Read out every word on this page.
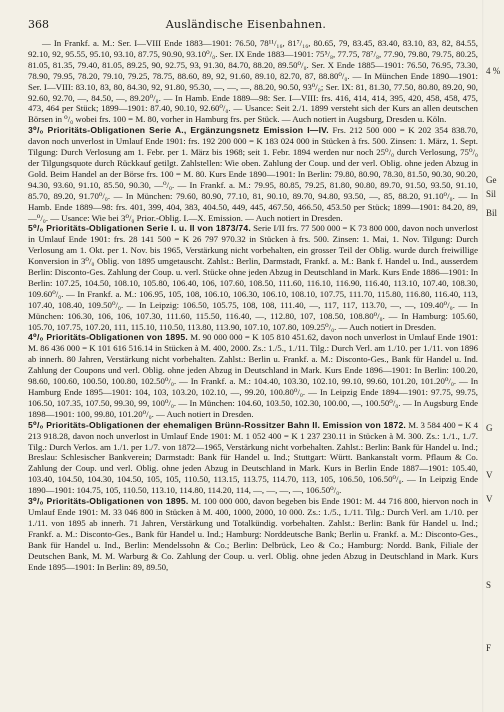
368	Ausländische Eisenbahnen.

— In Frankf. a. M.: Ser. I—VIII Ende 1883—1901: 76.50, 78¹¹/₁₆, 81⁷/₁₆, 80.65, 79, 83.45, 83.40, 83.10, 83, 82, 84.55, 92.10, 92, 95.55, 95.10, 93.10, 87.75, 90.90, 93.10⁰/₀. Ser. IX Ende 1883—1901: 75⁵/₈, 77.75, 78⁷/₈, 77.90, 79.80, 79.75, 80.25, 81.05, 81.35, 79.40, 81.05, 89.25, 90, 92.75, 93, 91.30, 84.70, 88.20, 89.50⁰/₀. Ser. X Ende 1885—1901: 76.50, 76.95, 73.30, 78.90, 79.95, 78.20, 79.10, 79.25, 78.75, 88.60, 89, 92, 91.60, 89.10, 82.70, 87, 88.80⁰/₀. — In München Ende 1890—1901: Ser. I—VIII: 83.10, 83, 80, 84.30, 92, 91.80, 95.30, —, —, —, 88.20, 90.50, 93⁰/₀; Ser. IX: 81, 81.30, 77.50, 80.80, 89.20, 90, 92.60, 92.70, —, 84.50, —, 89.20⁰/₀. — In Hamb. Ende 1889—98: Ser. I—VIII: frs. 416, 414, 414, 395, 420, 458, 458, 475, 473, 464 per Stück; 1899—1901: 87.40, 90.10, 92.60⁰/₀. — Usance: Seit 2./1. 1899 versteht sich der Kurs an allen deutschen Börsen in ⁰/₀ wobei frs. 100 = M. 80, vorher in Hamburg frs. per Stück. — Auch notiert in Augsburg, Dresden u. Köln.

3⁰/₀ Prioritäts-Obligationen Serie A., Ergänzungsnetz Emission I—IV. Frs. 212 500 000 = K 202 354 838.70, davon noch unverlost in Umlauf Ende 1901: frs. 192 200 000 = K 183 024 000 in Stücken à frs. 500. Zinsen: 1. März, 1. Sept. Tilgung: Durch Verlosung am 1. Febr. per 1. März bis 1968; seit 1. Febr. 1894 werden nur noch 25⁰/₀ durch Verlosung, 75⁰/₀ der Tilgungsquote durch Rückkauf getilgt. Zahlstellen: Wie oben. Zahlung der Coup. und der verl. Oblig. ohne jeden Abzug in Gold. Beim Handel an der Börse frs. 100 = M. 80. Kurs Ende 1890—1901: In Berlin: 79.80, 80.90, 78.30, 81.50, 90.30, 90.20, 94.30, 93.60, 91.10, 85.50, 90.30, —⁰/₀. — In Frankf. a. M.: 79.95, 80.85, 79.25, 81.80, 90.80, 89.70, 91.50, 93.50, 91.10, 85.70, 89.20, 91.70⁰/₀. — In München: 79.60, 80.90, 77.10, 81, 90.10, 89.70, 94.80, 93.50, —, 85, 88.20, 91.10⁰/₀. — In Hamb. Ende 1889—98: frs. 401, 399, 404, 383, 404.50, 449, 445, 467.50, 466.50, 453.50 per Stück; 1899—1901: 84.20, 89, —⁰/₀. — Usance: Wie bei 3⁰/₀ Prior.-Oblig. I.—X. Emission. — Auch notiert in Dresden.

5⁰/₀ Prioritäts-Obligationen Serie I. u. II von 1873/74. Serie I/II frs. 77 500 000 = K 73 800 000, davon noch unverlost in Umlauf Ende 1901: frs. 28 141 500 = K 26 797 970.32 in Stücken à frs. 500. Zinsen: 1. Mai, 1. Nov. Tilgung: Durch Verlosung am 1. Okt. per 1. Nov. bis 1965, Verstärkung nicht vorbehalten, ein grosser Teil der Oblig. wurde durch freiwillige Konversion in 3⁰/₀ Oblig. von 1895 umgetauscht. Zahlst.: Berlin, Darmstadt, Frankf. a. M.: Bank f. Handel u. Ind., ausserdem Berlin: Disconto-Ges. Zahlung der Coup. u. verl. Stücke ohne jeden Abzug in Deutschland in Mark. Kurs Ende 1886—1901: In Berlin: 107.25, 104.50, 108.10, 105.80, 106.40, 106, 107.60, 108.50, 111.60, 116.10, 116.90, 116.40, 113.10, 107.40, 108.30, 109.60⁰/₀. — In Frankf. a. M.: 106.95, 105, 108, 106.10, 106.30, 106.10, 108.10, 107.75, 111.70, 115.80, 116.80, 116.40, 113, 107.40, 108.40, 109.50⁰/₀. — In Leipzig: 106.50, 105.75, 108, 108, 111.40, —, 117, 117, 113.70, —, —, 109.40⁰/₀. — In München: 106.30, 106, 106, 107.30, 111.60, 115.50, 116.40, —, 112.80, 107, 108.50, 108.80⁰/₀. — In Hamburg: 105.60, 105.70, 107.75, 107.20, 111, 115.10, 110.50, 113.80, 113.90, 107.10, 107.80, 109.25⁰/₀. — Auch notiert in Dresden.

4⁰/₀ Prioritäts-Obligationen von 1895. M. 90 000 000 = K 105 810 451.62, davon noch unverlost in Umlauf Ende 1901: M. 86 436 000 = K 101 616 516.14 in Stücken à M. 400, 2000. Zs.: 1./5., 1./11. Tilg.: Durch Verl. am 1./10. per 1./11. von 1896 ab innerh. 80 Jahren, Verstärkung nicht vorbehalten. Zahlst.: Berlin u. Frankf. a. M.: Disconto-Ges., Bank für Handel u. Ind. Zahlung der Coupons und verl. Oblig. ohne jeden Abzug in Deutschland in Mark. Kurs Ende 1896—1901: In Berlin: 100.20, 98.60, 100.60, 100.50, 100.80, 102.50⁰/₀. — In Frankf. a. M.: 104.40, 103.30, 102.10, 99.10, 99.60, 101.20, 101.20⁰/₀. — In Hamburg Ende 1895—1901: 104, 103, 103.20, 102.10, —, 99.20, 100.80⁰/₀. — In Leipzig Ende 1894—1901: 97.75, 99.75, 106.50, 107.35, 107.50, 99.30, 99, 100⁰/₀. — In München: 104.60, 103.50, 102.30, 100.00, —, 100.50⁰/₀. — In Augsburg Ende 1898—1901: 100, 99.80, 101.20⁰/₀. — Auch notiert in Dresden.

5⁰/₀ Prioritäts-Obligationen der ehemaligen Brünn-Rossitzer Bahn II. Emission von 1872. M. 3 584 400 = K 4 213 918.28, davon noch unverlost in Umlauf Ende 1901: M. 1 052 400 = K 1 237 230.11 in Stücken à M. 300. Zs.: 1./1., 1./7. Tilg.: Durch Verlos. am 1./1. per 1./7. von 1872—1965, Verstärkung nicht vorbehalten. Zahlst.: Berlin: Bank für Handel u. Ind.; Breslau: Schlesischer Bankverein; Darmstadt: Bank für Handel u. Ind.; Stuttgart: Württ. Bankanstalt vorm. Pflaum & Co. Zahlung der Coup. und verl. Oblig. ohne jeden Abzug in Deutschland in Mark. Kurs in Berlin Ende 1887—1901: 105.40, 103.40, 104.50, 104.30, 104.50, 105, 105, 110.50, 113.15, 113.75, 114.70, 113, 105, 106.50, 106.50⁰/₀. — In Leipzig Ende 1890—1901: 104.75, 105, 110.50, 113.10, 114.80, 114.20, 114, —, —, —, —, 106.50⁰/₀.

3⁰/₀ Prioritäts-Obligationen von 1895. M. 100 000 000, davon begeben bis Ende 1901: M. 44 716 800, hiervon noch in Umlauf Ende 1901: M. 33 046 800 in Stücken à M. 400, 1000, 2000, 10 000. Zs.: 1./5., 1./11. Tilg.: Durch Verl. am 1./10. per 1./11. von 1895 ab innerh. 71 Jahren, Verstärkung und Totalkündig. vorbehalten. Zahlst.: Berlin: Bank für Handel u. Ind.; Frankf. a. M.: Disconto-Ges., Bank für Handel u. Ind.; Hamburg: Norddeutsche Bank; Berlin u. Frankf. a. M.: Disconto-Ges., Bank für Handel u. Ind., Berlin: Mendelssohn & Co.; Berlin: Delbrück, Leo & Co.; Hamburg: Nordd. Bank, Filiale der Deutschen Bank, M. M. Warburg & Co. Zahlung der Coup. u. verl. Oblig. ohne jeden Abzug in Deutschland in Mark. Kurs Ende 1895—1901: In Berlin: 89, 89.50,

4 %
Ge
Sil
Bil
G
V
V
S
F
